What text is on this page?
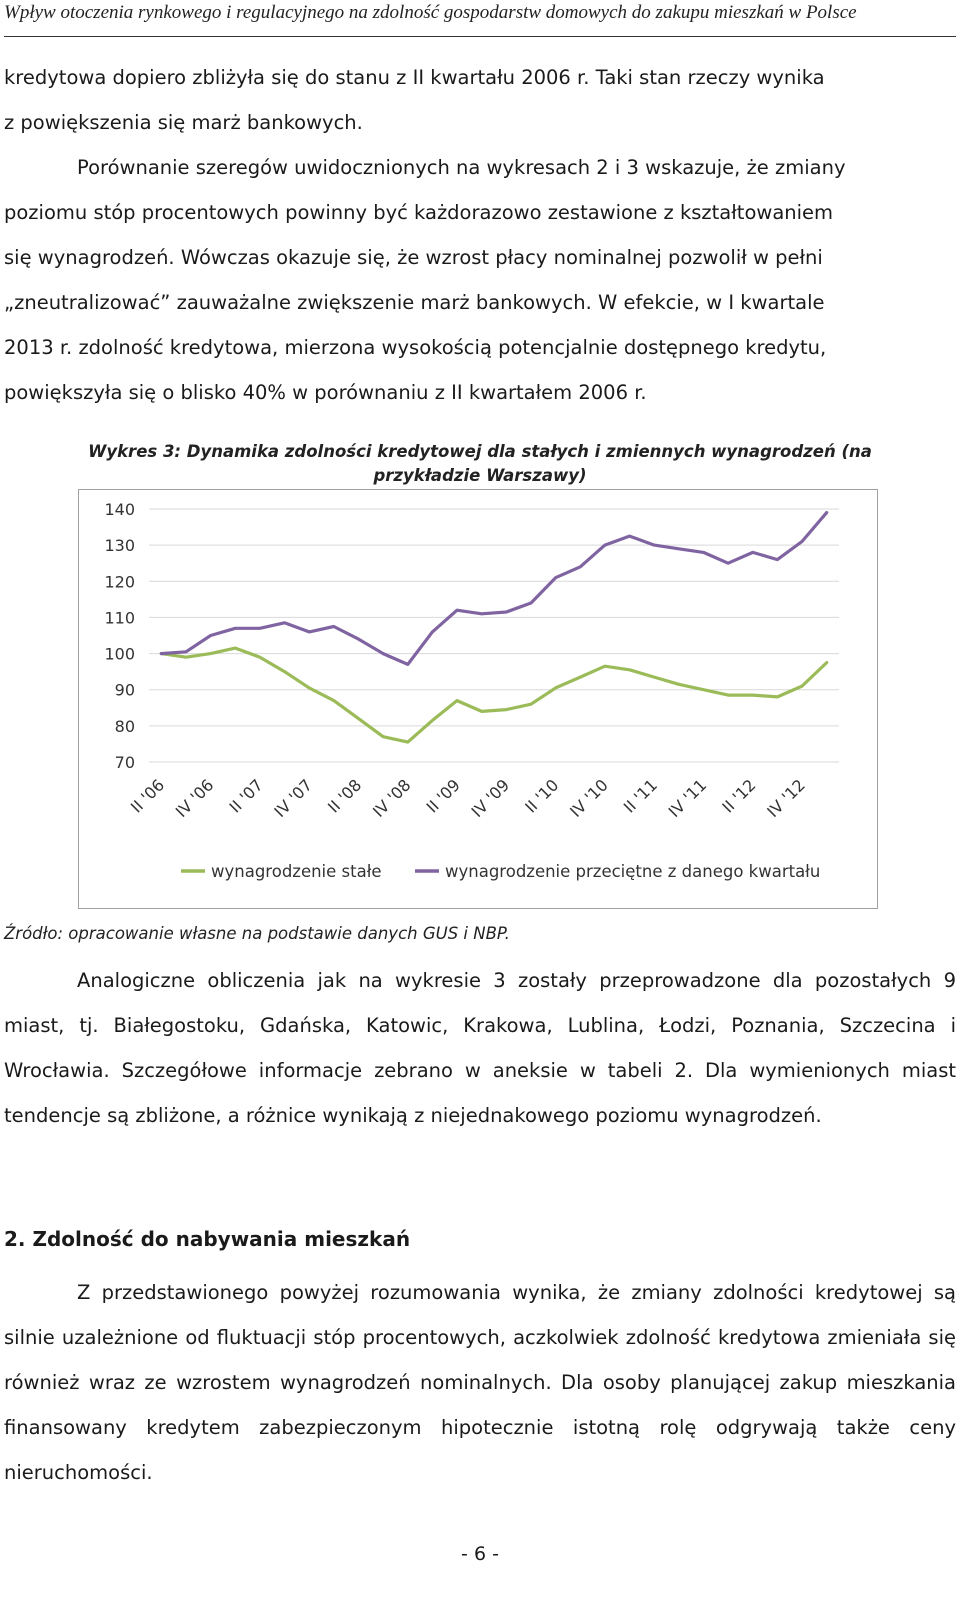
Wpływ otoczenia rynkowego i regulacyjnego na zdolność gospodarstw domowych do zakupu mieszkań w Polsce
kredytowa dopiero zbliżyła się do stanu z II kwartału 2006 r. Taki stan rzeczy wynika
z powiększenia się marż bankowych.
Porównanie szeregów uwidocznionych na wykresach 2 i 3 wskazuje, że zmiany
poziomu stóp procentowych powinny być każdorazowo zestawione z kształtowaniem
się wynagrodzeń. Wówczas okazuje się, że wzrost płacy nominalnej pozwolił w pełni
„zneutralizować” zauważalne zwiększenie marż bankowych. W efekcie, w I kwartale
2013 r. zdolność kredytowa, mierzona wysokością potencjalnie dostępnego kredytu,
powiększyła się o blisko 40% w porównaniu z II kwartałem 2006 r.
Wykres 3: Dynamika zdolności kredytowej dla stałych i zmiennych wynagrodzeń (na
przykładzie Warszawy)
70
80
90
100
110
120
130
140
II '06 IV '06 II '07 IV '07 II '08 IV '08 II '09 IV '09 II '10 IV '10 II '11 IV '11 II '12 IV '12
wynagrodzenie stałe	wynagrodzenie przeciętne z danego kwartału
Źródło: opracowanie własne na podstawie danych GUS i NBP.

Analogiczne obliczenia jak na wykresie 3 zostały przeprowadzone dla pozostałych 9 miast, tj. Białegostoku, Gdańska, Katowic, Krakowa, Lublina, Łodzi, Poznania, Szczecina i Wrocławia. Szczegółowe informacje zebrano w aneksie w tabeli 2. Dla wymienionych miast tendencje są zbliżone, a różnice wynikają z niejednakowego poziomu wynagrodzeń.

2. Zdolność do nabywania mieszkań

Z przedstawionego powyżej rozumowania wynika, że zmiany zdolności kredytowej są silnie uzależnione od fluktuacji stóp procentowych, aczkolwiek zdolność kredytowa zmieniała się również wraz ze wzrostem wynagrodzeń nominalnych. Dla osoby planującej zakup mieszkania finansowany kredytem zabezpieczonym hipotecznie istotną rolę odgrywają także ceny nieruchomości.

- 6 -
